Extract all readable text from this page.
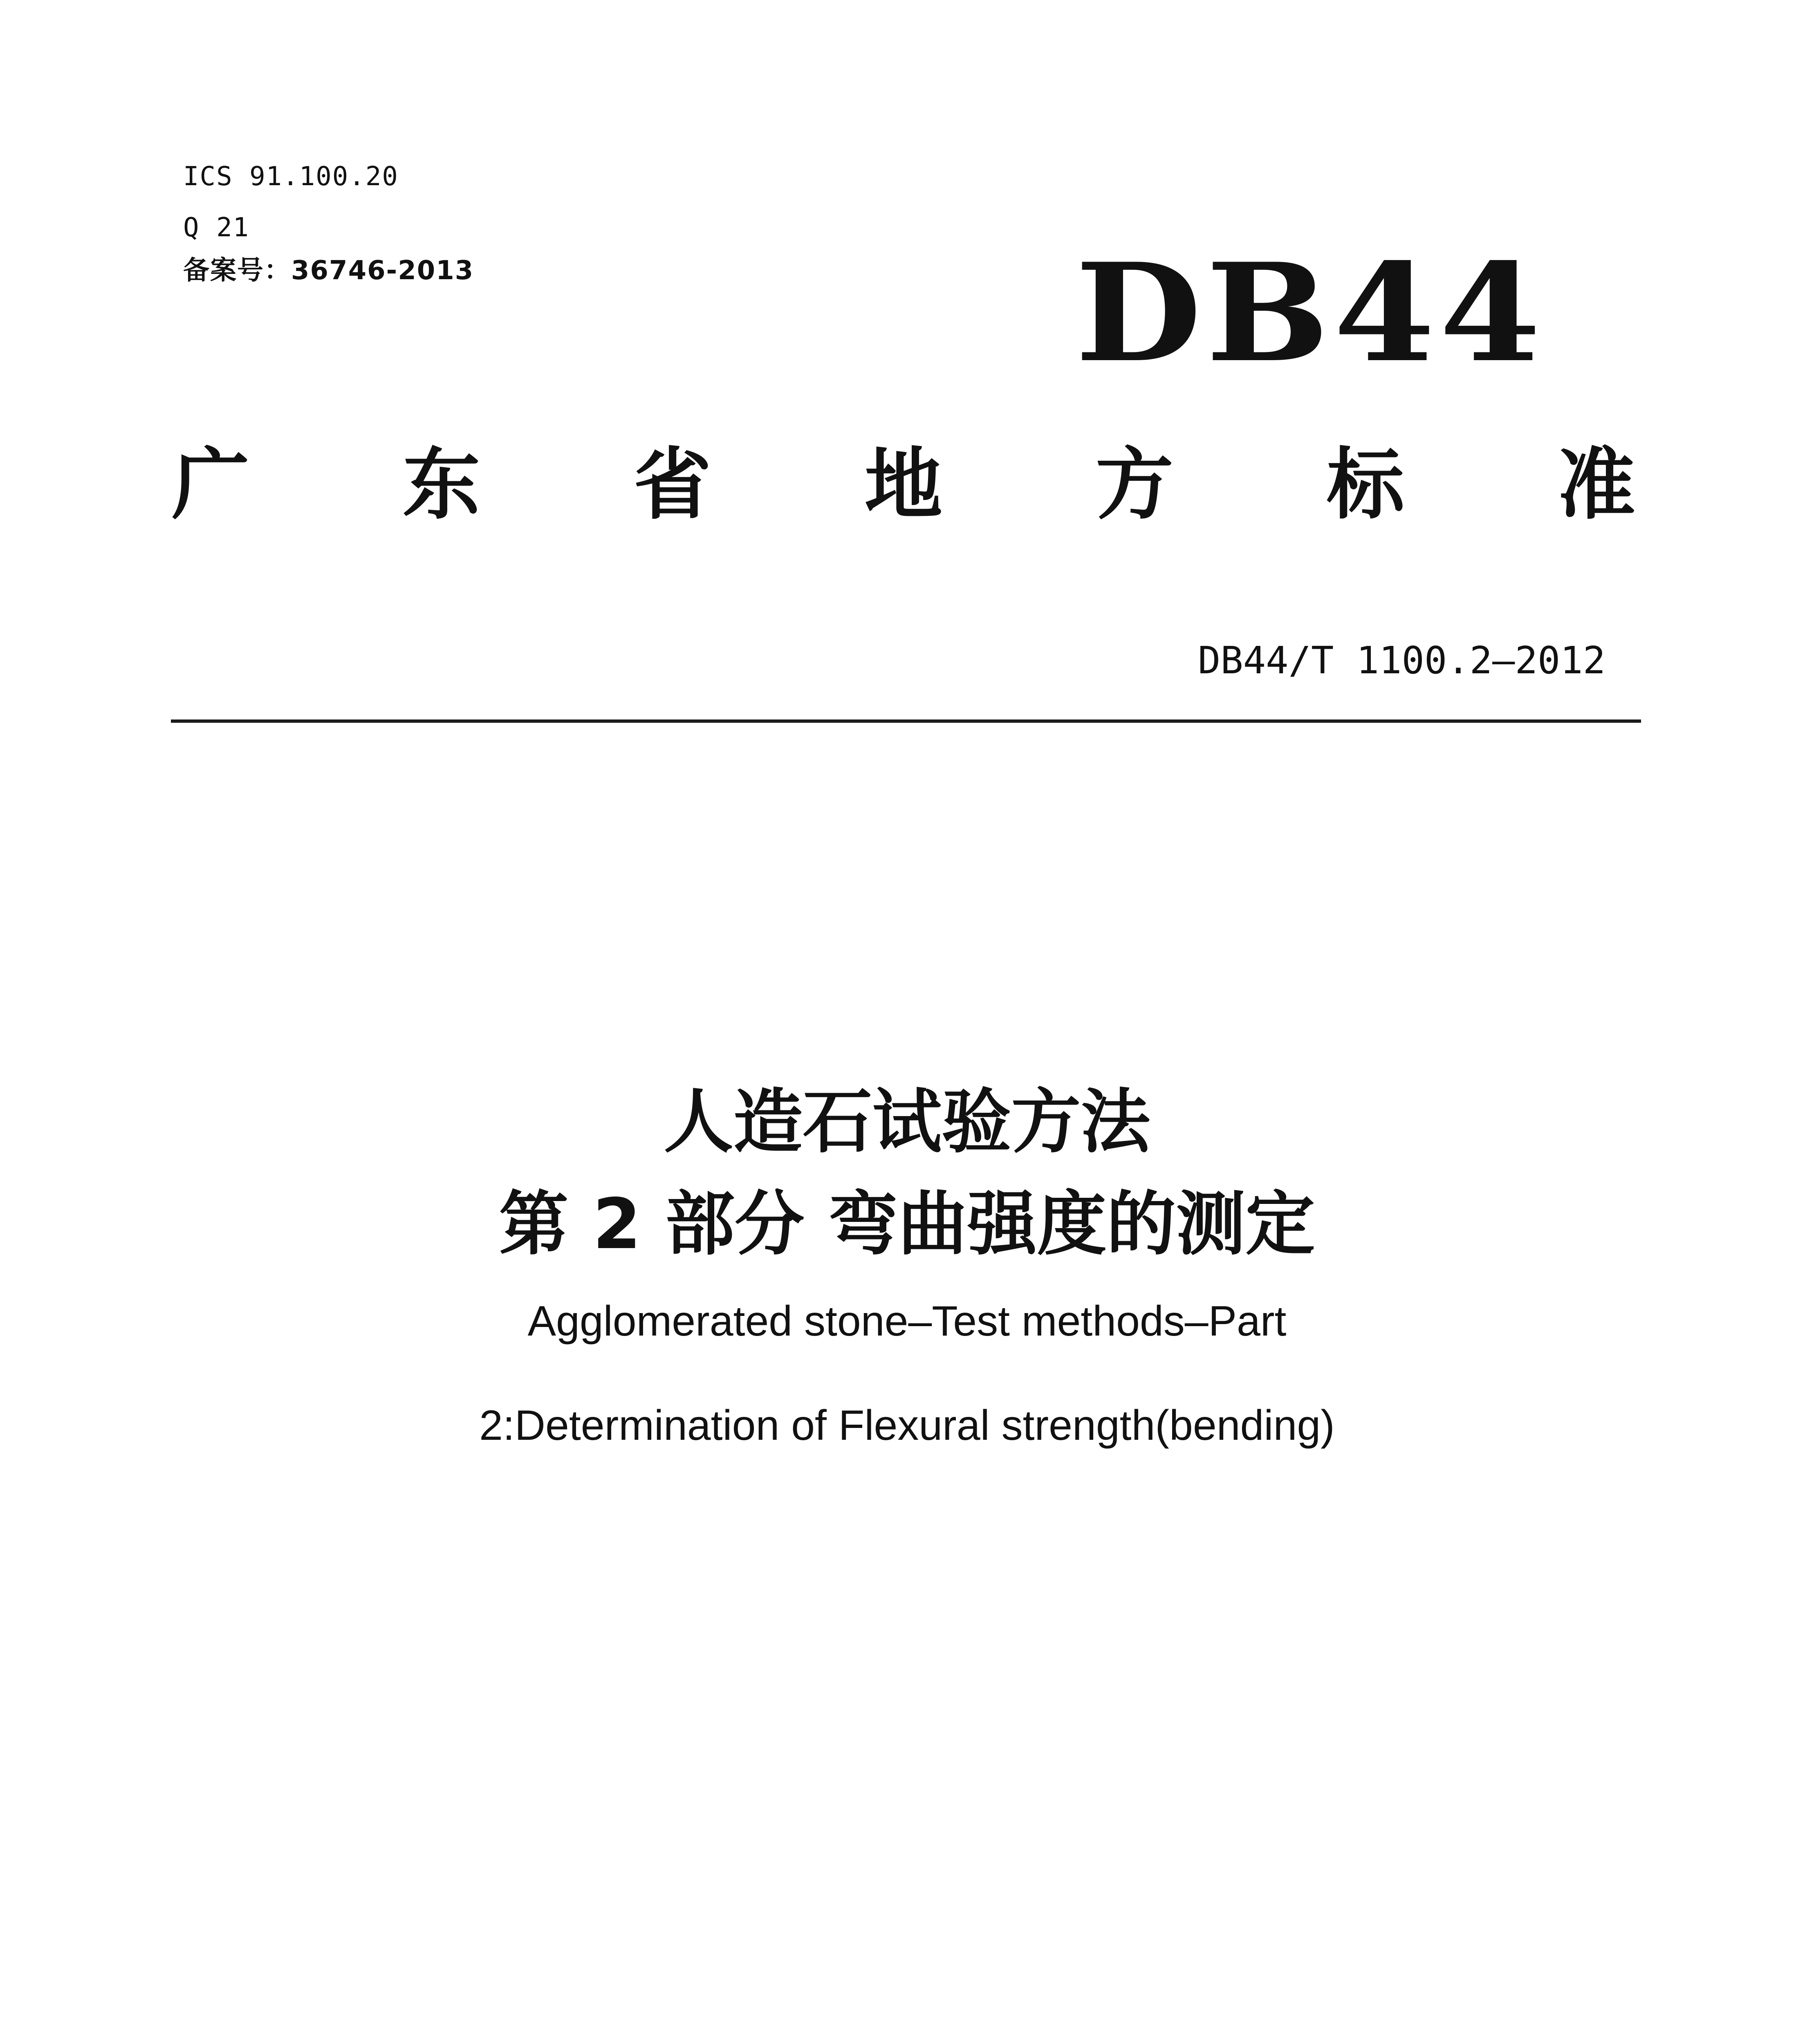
ICS 91.100.20
Q 21
备案号：36746-2013	DB44
广 东 省 地 方 标 准
DB44/T 1100.2—2012
人造石试验方法
第 2 部分 弯曲强度的测定
Agglomerated stone–Test methods–Part
2:Determination of Flexural strength(bending)
